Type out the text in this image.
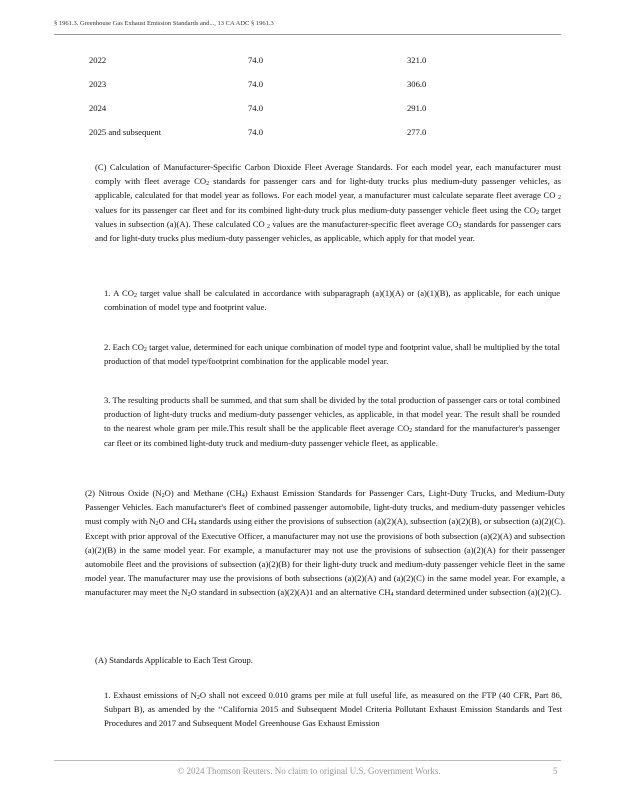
§ 1961.3. Greenhouse Gas Exhaust Emission Standards and..., 13 CA ADC § 1961.3
2022	74.0	321.0
2023	74.0	306.0
2024	74.0	291.0
2025 and subsequent	74.0	277.0

(C) Calculation of Manufacturer-Specific Carbon Dioxide Fleet Average Standards. For each model year, each manufacturer must comply with fleet average $CO_2$ standards for passenger cars and for light-duty trucks plus medium-duty passenger vehicles, as applicable, calculated for that model year as follows. For each model year, a manufacturer must calculate separate fleet average CO $_2$ values for its passenger car fleet and for its combined light-duty truck plus medium-duty passenger vehicle fleet using the $CO_2$ target values in subsection (a)(A). These calculated CO $_2$ values are the manufacturer-specific fleet average $CO_2$ standards for passenger cars and for light-duty trucks plus medium-duty passenger vehicles, as applicable, which apply for that model year.

1. A $CO_2$ target value shall be calculated in accordance with subparagraph (a)(1)(A) or (a)(1)(B), as applicable, for each unique combination of model type and footprint value.

2. Each $CO_2$ target value, determined for each unique combination of model type and footprint value, shall be multiplied by the total production of that model type/footprint combination for the applicable model year.

3. The resulting products shall be summed, and that sum shall be divided by the total production of passenger cars or total combined production of light-duty trucks and medium-duty passenger vehicles, as applicable, in that model year. The result shall be rounded to the nearest whole gram per mile.This result shall be the applicable fleet average $CO_2$ standard for the manufacturer's passenger car fleet or its combined light-duty truck and medium-duty passenger vehicle fleet, as applicable.

(2) Nitrous Oxide $(N_2O)$ and Methane $(CH_4)$ Exhaust Emission Standards for Passenger Cars, Light-Duty Trucks, and Medium-Duty Passenger Vehicles. Each manufacturer's fleet of combined passenger automobile, light-duty trucks, and medium-duty passenger vehicles must comply with $N_2O$ and $CH_4$ standards using either the provisions of subsection (a)(2)(A), subsection (a)(2)(B), or subsection (a)(2)(C). Except with prior approval of the Executive Officer, a manufacturer may not use the provisions of both subsection (a)(2)(A) and subsection (a)(2)(B) in the same model year. For example, a manufacturer may not use the provisions of subsection (a)(2)(A) for their passenger automobile fleet and the provisions of subsection (a)(2)(B) for their light-duty truck and medium-duty passenger vehicle fleet in the same model year. The manufacturer may use the provisions of both subsections (a)(2)(A) and (a)(2)(C) in the same model year. For example, a manufacturer may meet the $N_2O$ standard in subsection (a)(2)(A)1 and an alternative $CH_4$ standard determined under subsection (a)(2)(C).

(A) Standards Applicable to Each Test Group.

1. Exhaust emissions of $N_2O$ shall not exceed 0.010 grams per mile at full useful life, as measured on the FTP (40 CFR, Part 86, Subpart B), as amended by the ‘‘California 2015 and Subsequent Model Criteria Pollutant Exhaust Emission Standards and Test Procedures and 2017 and Subsequent Model Greenhouse Gas Exhaust Emission

© 2024 Thomson Reuters. No claim to original U.S. Government Works.	5
